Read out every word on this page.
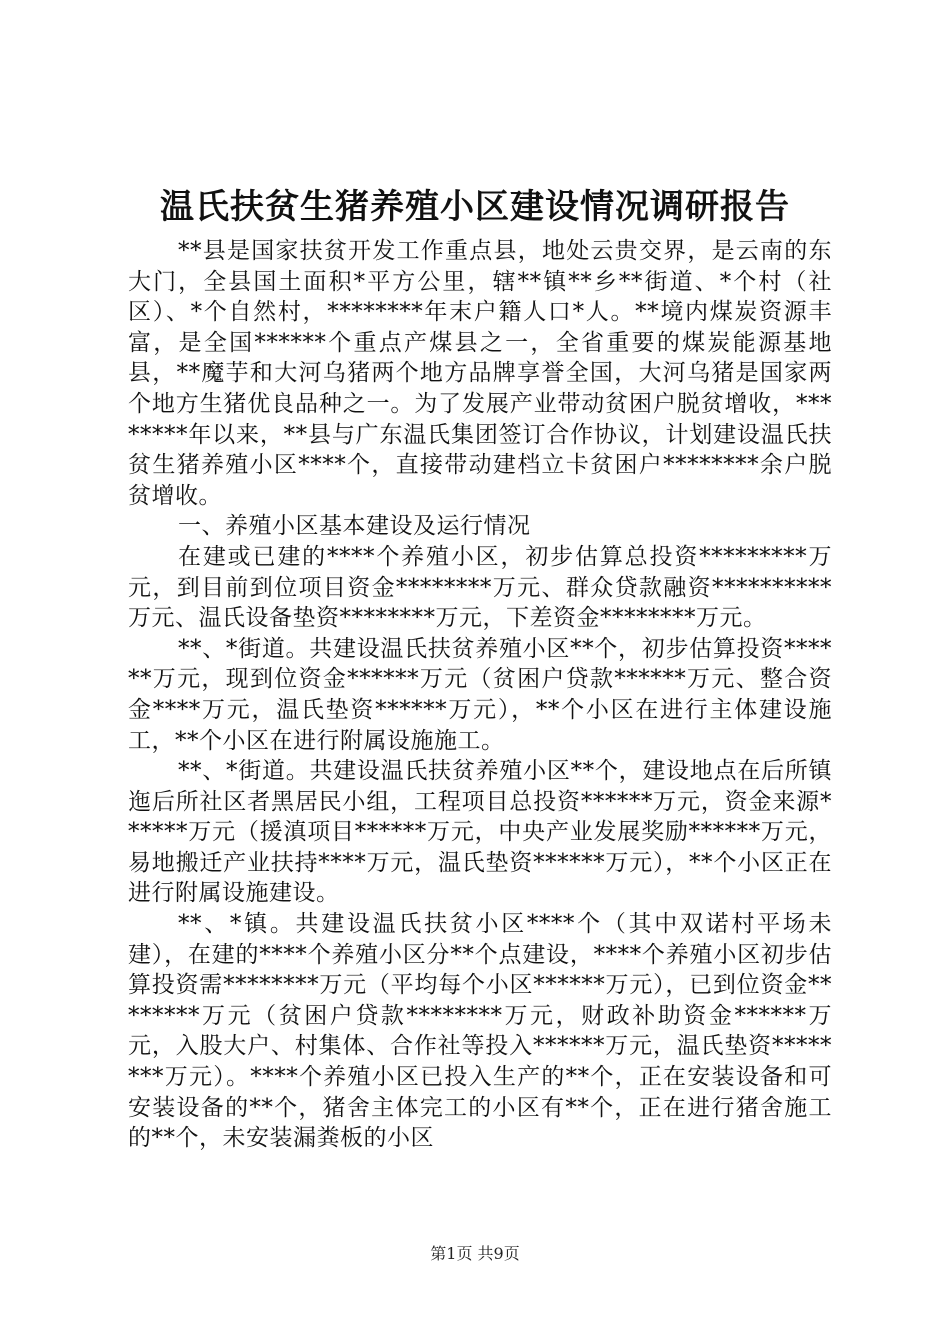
温氏扶贫生猪养殖小区建设情况调研报告

**县是国家扶贫开发工作重点县，地处云贵交界，是云南的东大门，全县国土面积*平方公里，辖**镇**乡**街道、*个村（社区）、*个自然村，********年末户籍人口*人。**境内煤炭资源丰富，是全国******个重点产煤县之一，全省重要的煤炭能源基地县，**魔芋和大河乌猪两个地方品牌享誉全国，大河乌猪是国家两个地方生猪优良品种之一。为了发展产业带动贫困户脱贫增收，********年以来，**县与广东温氏集团签订合作协议，计划建设温氏扶贫生猪养殖小区****个，直接带动建档立卡贫困户********余户脱贫增收。

一、养殖小区基本建设及运行情况

在建或已建的****个养殖小区，初步估算总投资*********万元，到目前到位项目资金********万元、群众贷款融资**********万元、温氏设备垫资********万元，下差资金********万元。

**、*街道。共建设温氏扶贫养殖小区**个，初步估算投资******万元，现到位资金******万元（贫困户贷款******万元、整合资金****万元，温氏垫资******万元），**个小区在进行主体建设施工，**个小区在进行附属设施施工。

**、*街道。共建设温氏扶贫养殖小区**个，建设地点在后所镇迤后所社区者黑居民小组，工程项目总投资******万元，资金来源******万元（援滇项目******万元，中央产业发展奖励******万元，易地搬迁产业扶持****万元，温氏垫资******万元），**个小区正在进行附属设施建设。

**、*镇。共建设温氏扶贫小区****个（其中双诺村平场未建），在建的****个养殖小区分**个点建设，****个养殖小区初步估算投资需********万元（平均每个小区******万元），已到位资金********万元（贫困户贷款********万元，财政补助资金******万元，入股大户、村集体、合作社等投入******万元，温氏垫资********万元）。****个养殖小区已投入生产的**个，正在安装设备和可安装设备的**个，猪舍主体完工的小区有**个，正在进行猪舍施工的**个，未安装漏粪板的小区

第1页 共9页
